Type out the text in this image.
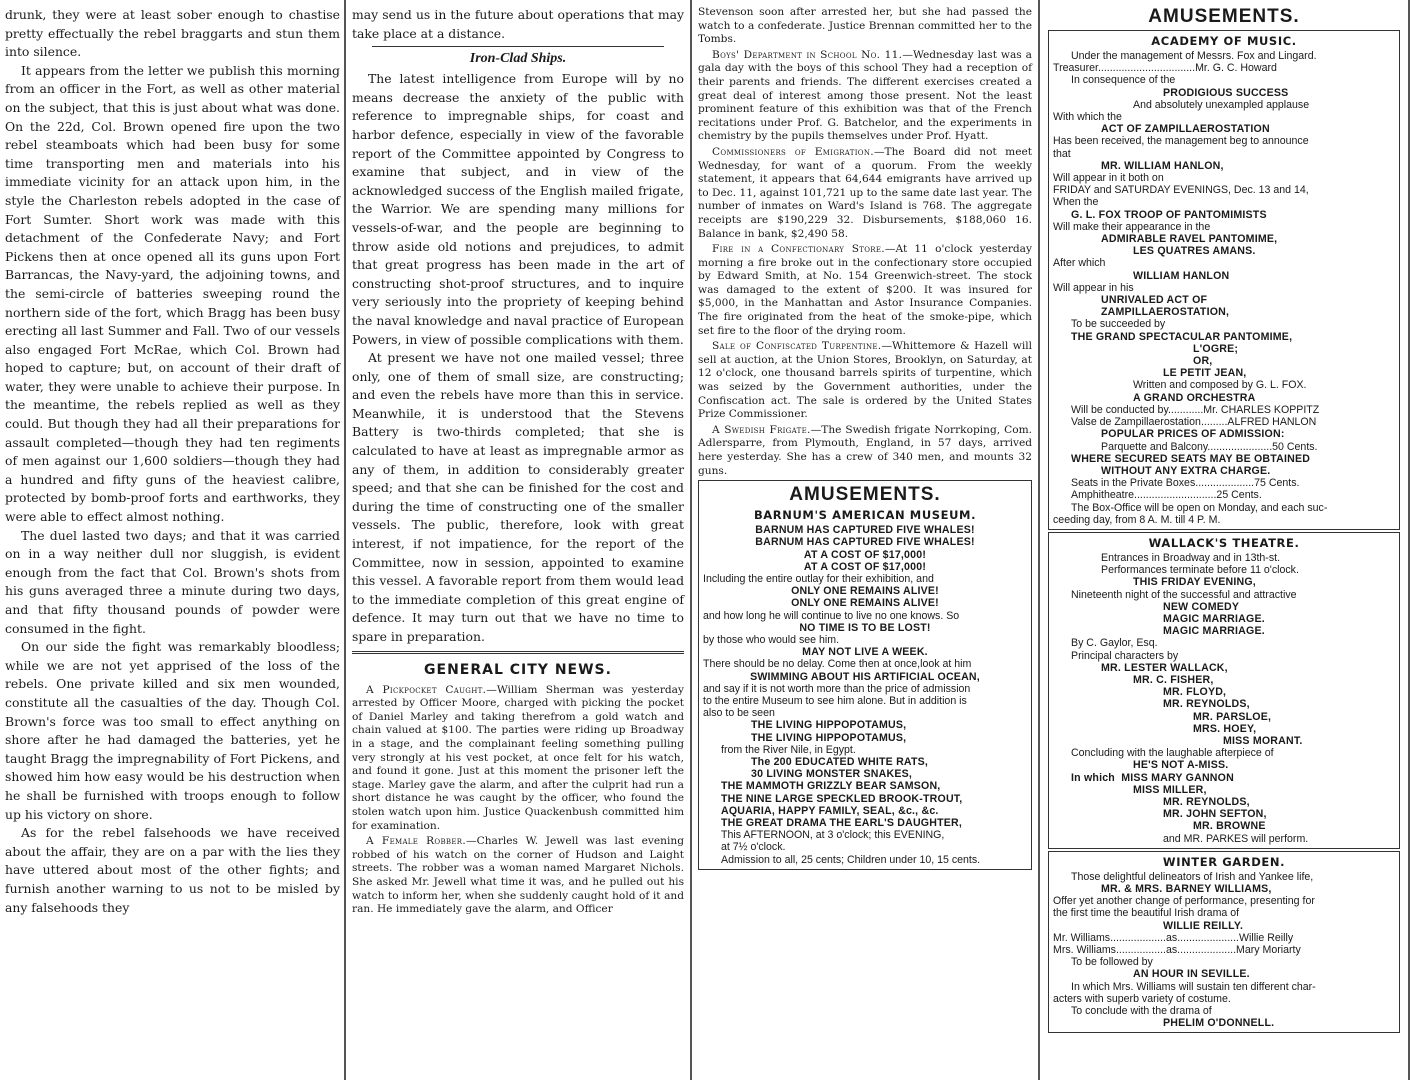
drunk, they were at least sober enough to chastise pretty effectually the rebel braggarts and stun them into silence.

It appears from the letter we publish this morning from an officer in the Fort, as well as other material on the subject, that this is just about what was done. On the 22d, Col. Brown opened fire upon the two rebel steamboats which had been busy for some time transporting men and materials into his immediate vicinity for an attack upon him, in the style the Charleston rebels adopted in the case of Fort Sumter. Short work was made with this detachment of the Confederate Navy; and Fort Pickens then at once opened all its guns upon Fort Barrancas, the Navy-yard, the adjoining towns, and the semi-circle of batteries sweeping round the northern side of the fort, which Bragg has been busy erecting all last Summer and Fall. Two of our vessels also engaged Fort McRae, which Col. Brown had hoped to capture; but, on account of their draft of water, they were unable to achieve their purpose. In the meantime, the rebels replied as well as they could. But though they had all their preparations for assault completed—though they had ten regiments of men against our 1,600 soldiers—though they had a hundred and fifty guns of the heaviest calibre, protected by bomb-proof forts and earthworks, they were able to effect almost nothing.

The duel lasted two days; and that it was carried on in a way neither dull nor sluggish, is evident enough from the fact that Col. Brown's shots from his guns averaged three a minute during two days, and that fifty thousand pounds of powder were consumed in the fight.

On our side the fight was remarkably bloodless; while we are not yet apprised of the loss of the rebels. One private killed and six men wounded, constitute all the casualties of the day. Though Col. Brown's force was too small to effect anything on shore after he had damaged the batteries, yet he taught Bragg the impregnability of Fort Pickens, and showed him how easy would be his destruction when he shall be furnished with troops enough to follow up his victory on shore.

As for the rebel falsehoods we have received about the affair, they are on a par with the lies they have uttered about most of the other fights; and furnish another warning to us not to be misled by any falsehoods they

may send us in the future about operations that may take place at a distance.

Iron-Clad Ships.

The latest intelligence from Europe will by no means decrease the anxiety of the public with reference to impregnable ships, for coast and harbor defence, especially in view of the favorable report of the Committee appointed by Congress to examine that subject, and in view of the acknowledged success of the English mailed frigate, the Warrior. We are spending many millions for vessels-of-war, and the people are beginning to throw aside old notions and prejudices, to admit that great progress has been made in the art of constructing shot-proof structures, and to inquire very seriously into the propriety of keeping behind the naval knowledge and naval practice of European Powers, in view of possible complications with them.

At present we have not one mailed vessel; three only, one of them of small size, are constructing; and even the rebels have more than this in service. Meanwhile, it is understood that the Stevens Battery is two-thirds completed; that she is calculated to have at least as impregnable armor as any of them, in addition to considerably greater speed; and that she can be finished for the cost and during the time of constructing one of the smaller vessels. The public, therefore, look with great interest, if not impatience, for the report of the Committee, now in session, appointed to examine this vessel. A favorable report from them would lead to the immediate completion of this great engine of defence. It may turn out that we have no time to spare in preparation.

GENERAL CITY NEWS.

A Pickpocket Caught.—William Sherman was yesterday arrested by Officer Moore, charged with picking the pocket of Daniel Marley and taking therefrom a gold watch and chain valued at $100. The parties were riding up Broadway in a stage, and the complainant feeling something pulling very strongly at his vest pocket, at once felt for his watch, and found it gone. Just at this moment the prisoner left the stage. Marley gave the alarm, and after the culprit had run a short distance he was caught by the officer, who found the stolen watch upon him. Justice Quackenbush committed him for examination.

A Female Robber.—Charles W. Jewell was last evening robbed of his watch on the corner of Hudson and Laight streets. The robber was a woman named Margaret Nichols. She asked Mr. Jewell what time it was, and he pulled out his watch to inform her, when she suddenly caught hold of it and ran. He immediately gave the alarm, and Officer

Stevenson soon after arrested her, but she had passed the watch to a confederate. Justice Brennan committed her to the Tombs.

Boys' Department in School No. 11.—Wednesday last was a gala day with the boys of this school They had a reception of their parents and friends. The different exercises created a great deal of interest among those present. Not the least prominent feature of this exhibition was that of the French recitations under Prof. G. Batchelor, and the experiments in chemistry by the pupils themselves under Prof. Hyatt.

Commissioners of Emigration.—The Board did not meet Wednesday, for want of a quorum. From the weekly statement, it appears that 64,644 emigrants have arrived up to Dec. 11, against 101,721 up to the same date last year. The number of inmates on Ward's Island is 768. The aggregate receipts are $190,229 32. Disbursements, $188,060 16. Balance in bank, $2,490 58.

Fire in a Confectionary Store.—At 11 o'clock yesterday morning a fire broke out in the confectionary store occupied by Edward Smith, at No. 154 Greenwich-street. The stock was damaged to the extent of $200. It was insured for $5,000, in the Manhattan and Astor Insurance Companies. The fire originated from the heat of the smoke-pipe, which set fire to the floor of the drying room.

Sale of Confiscated Turpentine.—Whittemore & Hazell will sell at auction, at the Union Stores, Brooklyn, on Saturday, at 12 o'clock, one thousand barrels spirits of turpentine, which was seized by the Government authorities, under the Confiscation act. The sale is ordered by the United States Prize Commissioner.

A Swedish Frigate.—The Swedish frigate Norrkoping, Com. Adlersparre, from Plymouth, England, in 57 days, arrived here yesterday. She has a crew of 340 men, and mounts 32 guns.

AMUSEMENTS.
BARNUM'S AMERICAN MUSEUM.
BARNUM HAS CAPTURED FIVE WHALES!
BARNUM HAS CAPTURED FIVE WHALES!
AT A COST OF $17,000!
AT A COST OF $17,000!
Including the entire outlay for their exhibition, and
ONLY ONE REMAINS ALIVE!
ONLY ONE REMAINS ALIVE!
and how long he will continue to live no one knows. So
NO TIME IS TO BE LOST!
by those who would see him.
MAY NOT LIVE A WEEK.
There should be no delay. Come then at once,look at him
SWIMMING ABOUT HIS ARTIFICIAL OCEAN,
and say if it is not worth more than the price of admission
to the entire Museum to see him alone. But in addition is
also to be seen
THE LIVING HIPPOPOTAMUS,
THE LIVING HIPPOPOTAMUS,
from the River Nile, in Egypt.
The 200 EDUCATED WHITE RATS,
30 LIVING MONSTER SNAKES,
THE MAMMOTH GRIZZLY BEAR SAMSON,
THE NINE LARGE SPECKLED BROOK-TROUT,
AQUARIA, HAPPY FAMILY, SEAL, &c., &c.
THE GREAT DRAMA THE EARL'S DAUGHTER,
This AFTERNOON, at 3 o'clock; this EVENING,
at 7½ o'clock.
Admission to all, 25 cents; Children under 10, 15 cents.
AMUSEMENTS.
ACADEMY OF MUSIC.
Under the management of Messrs. Fox and Lingard.
Treasurer.................................Mr. G. C. Howard
In consequence of the
PRODIGIOUS SUCCESS
And absolutely unexampled applause
With which the
ACT OF ZAMPILLAEROSTATION
Has been received, the management beg to announce
that
MR. WILLIAM HANLON,
Will appear in it both on
FRIDAY and SATURDAY EVENINGS, Dec. 13 and 14,
When the
G. L. FOX TROOP OF PANTOMIMISTS
Will make their appearance in the
ADMIRABLE RAVEL PANTOMIME,
LES QUATRES AMANS.
After which
WILLIAM HANLON
Will appear in his
UNRIVALED ACT OF
ZAMPILLAEROSTATION,
To be succeeded by
THE GRAND SPECTACULAR PANTOMIME,
L'OGRE;
OR,
LE PETIT JEAN,
Written and composed by G. L. FOX.
A GRAND ORCHESTRA
Will be conducted by............Mr. CHARLES KOPPITZ
Valse de Zampillaerostation.........ALFRED HANLON
POPULAR PRICES OF ADMISSION:
Parquette and Balcony......................50 Cents.
WHERE SECURED SEATS MAY BE OBTAINED
WITHOUT ANY EXTRA CHARGE.
Seats in the Private Boxes....................75 Cents.
Amphitheatre............................25 Cents.
The Box-Office will be open on Monday, and each suc-
ceeding day, from 8 A. M. till 4 P. M.
WALLACK'S THEATRE.
Entrances in Broadway and in 13th-st.
Performances terminate before 11 o'clock.
THIS FRIDAY EVENING,
Nineteenth night of the successful and attractive
NEW COMEDY
MAGIC MARRIAGE.
MAGIC MARRIAGE.
By C. Gaylor, Esq.
Principal characters by
MR. LESTER WALLACK,
MR. C. FISHER,
MR. FLOYD,
MR. REYNOLDS,
MR. PARSLOE,
MRS. HOEY,
MISS MORANT.
Concluding with the laughable afterpiece of
HE'S NOT A-MISS.
In which  MISS MARY GANNON
MISS MILLER,
MR. REYNOLDS,
MR. JOHN SEFTON,
MR. BROWNE
and MR. PARKES will perform.
WINTER GARDEN.
Those delightful delineators of Irish and Yankee life,
MR. & MRS. BARNEY WILLIAMS,
Offer yet another change of performance, presenting for
the first time the beautiful Irish drama of
WILLIE REILLY.
Mr. Williams...................as.....................Willie Reilly
Mrs. Williams.................as....................Mary Moriarty
To be followed by
AN HOUR IN SEVILLE.
In which Mrs. Williams will sustain ten different char-
acters with superb variety of costume.
To conclude with the drama of
PHELIM O'DONNELL.
